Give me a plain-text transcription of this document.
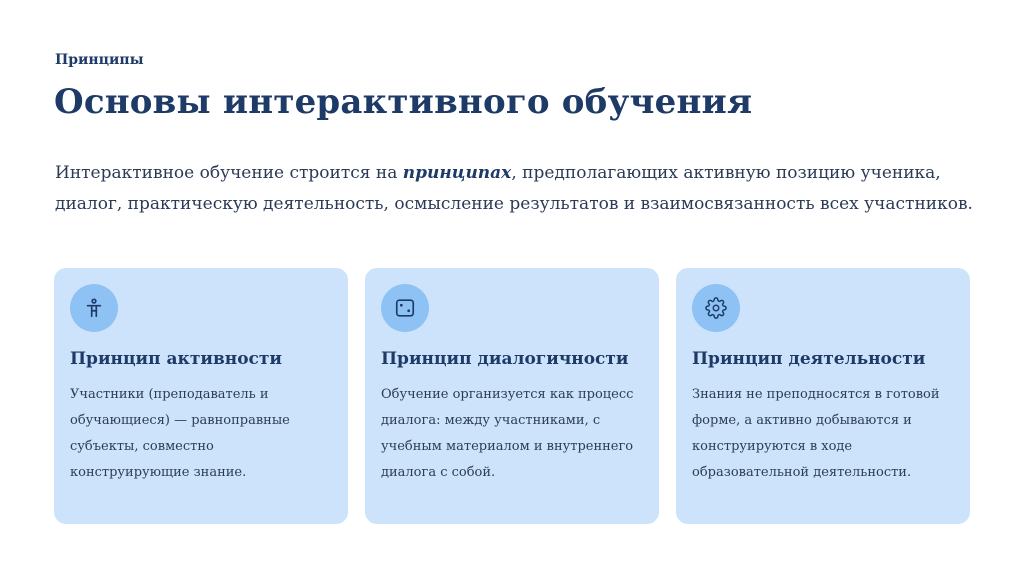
Принципы
Основы интерактивного обучения
Интерактивное обучение строится на принципах, предполагающих активную позицию ученика, диалог, практическую деятельность, осмысление результатов и взаимосвязанность всех участников.
Принцип активности
Участники (преподаватель и обучающиеся) — равноправные субъекты, совместно конструирующие знание.
Принцип диалогичности
Обучение организуется как процесс диалога: между участниками, с учебным материалом и внутреннего диалога с собой.
Принцип деятельности
Знания не преподносятся в готовой форме, а активно добываются и конструируются в ходе образовательной деятельности.
